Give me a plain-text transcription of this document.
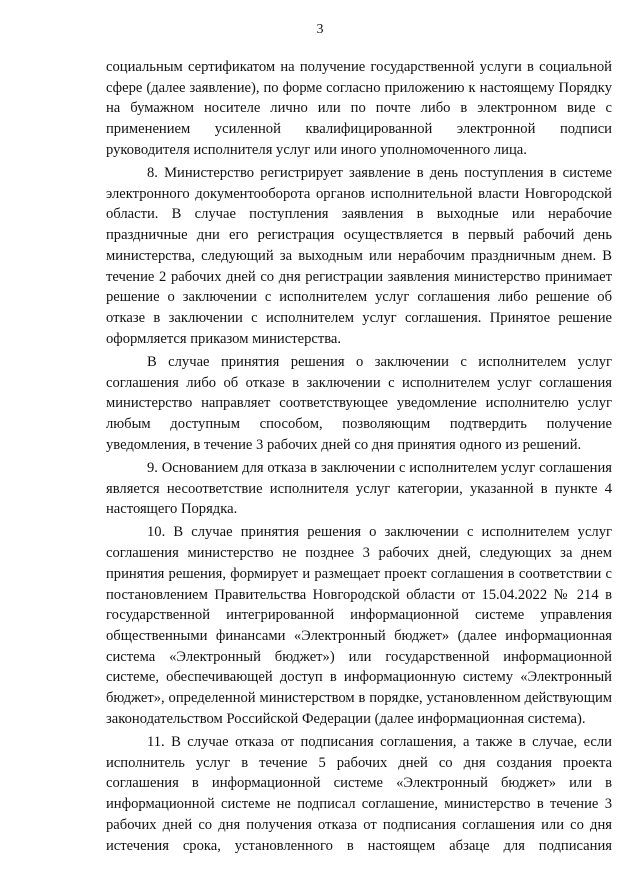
3

социальным сертификатом на получение государственной услуги в социальной сфере (далее заявление), по форме согласно приложению к настоящему Порядку на бумажном носителе лично или по почте либо в электронном виде с применением усиленной квалифицированной электронной подписи руководителя исполнителя услуг или иного уполномоченного лица.

8. Министерство регистрирует заявление в день поступления в системе электронного документооборота органов исполнительной власти Новгородской области. В случае поступления заявления в выходные или нерабочие праздничные дни его регистрация осуществляется в первый рабочий день министерства, следующий за выходным или нерабочим праздничным днем. В течение 2 рабочих дней со дня регистрации заявления министерство принимает решение о заключении с исполнителем услуг соглашения либо решение об отказе в заключении с исполнителем услуг соглашения. Принятое решение оформляется приказом министерства.

В случае принятия решения о заключении с исполнителем услуг соглашения либо об отказе в заключении с исполнителем услуг соглашения министерство направляет соответствующее уведомление исполнителю услуг любым доступным способом, позволяющим подтвердить получение уведомления, в течение 3 рабочих дней со дня принятия одного из решений.

9. Основанием для отказа в заключении с исполнителем услуг соглашения является несоответствие исполнителя услуг категории, указанной в пункте 4 настоящего Порядка.

10. В случае принятия решения о заключении с исполнителем услуг соглашения министерство не позднее 3 рабочих дней, следующих за днем принятия решения, формирует и размещает проект соглашения в соответствии с постановлением Правительства Новгородской области от 15.04.2022 № 214 в государственной интегрированной информационной системе управления общественными финансами «Электронный бюджет» (далее информационная система «Электронный бюджет») или государственной информационной системе, обеспечивающей доступ в информационную систему «Электронный бюджет», определенной министерством в порядке, установленном действующим законодательством Российской Федерации (далее информационная система).

11. В случае отказа от подписания соглашения, а также в случае, если исполнитель услуг в течение 5 рабочих дней со дня создания проекта соглашения в информационной системе «Электронный бюджет» или в информационной системе не подписал соглашение, министерство в течение 3 рабочих дней со дня получения отказа от подписания соглашения или со дня истечения срока, установленного в настоящем абзаце для подписания
